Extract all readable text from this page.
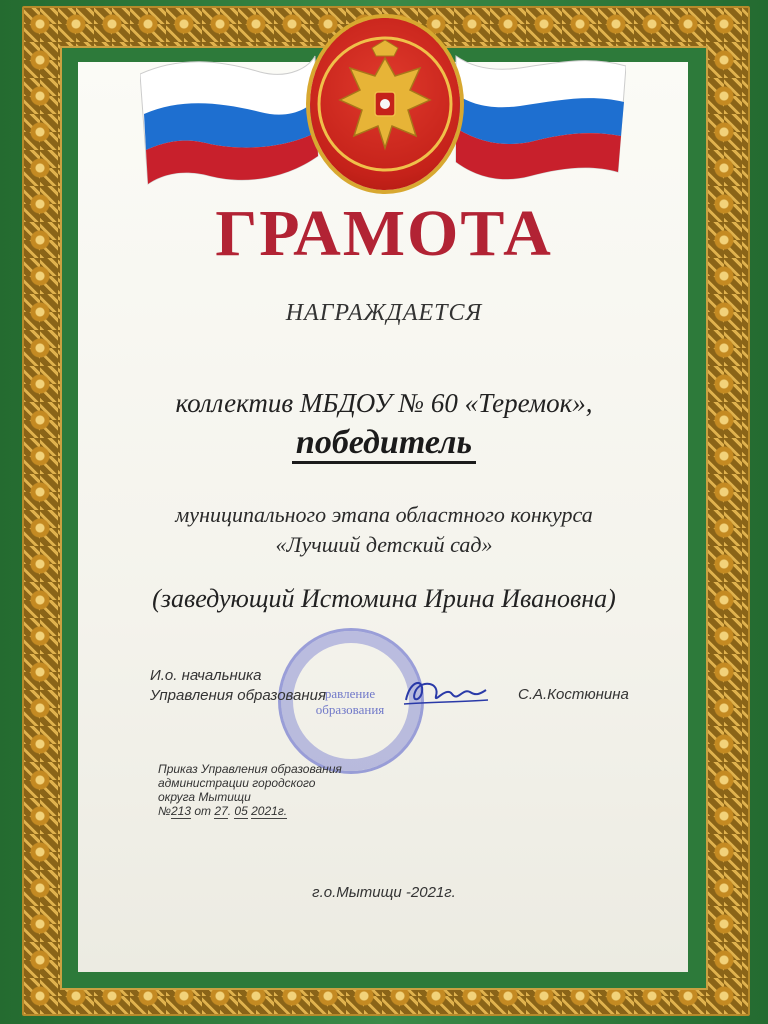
ГРАМОТА
НАГРАЖДАЕТСЯ
коллектив МБДОУ № 60 «Теремок»,
победитель
муниципального этапа областного конкурса
«Лучший детский сад»
(заведующий Истомина Ирина Ивановна)
равление
образования
И.о. начальника
Управления образования	С.А.Костюнина
Приказ Управления образования
администрации городского
округа Мытищи
№213 от 27. 05 2021г.
г.о.Мытищи -2021г.
